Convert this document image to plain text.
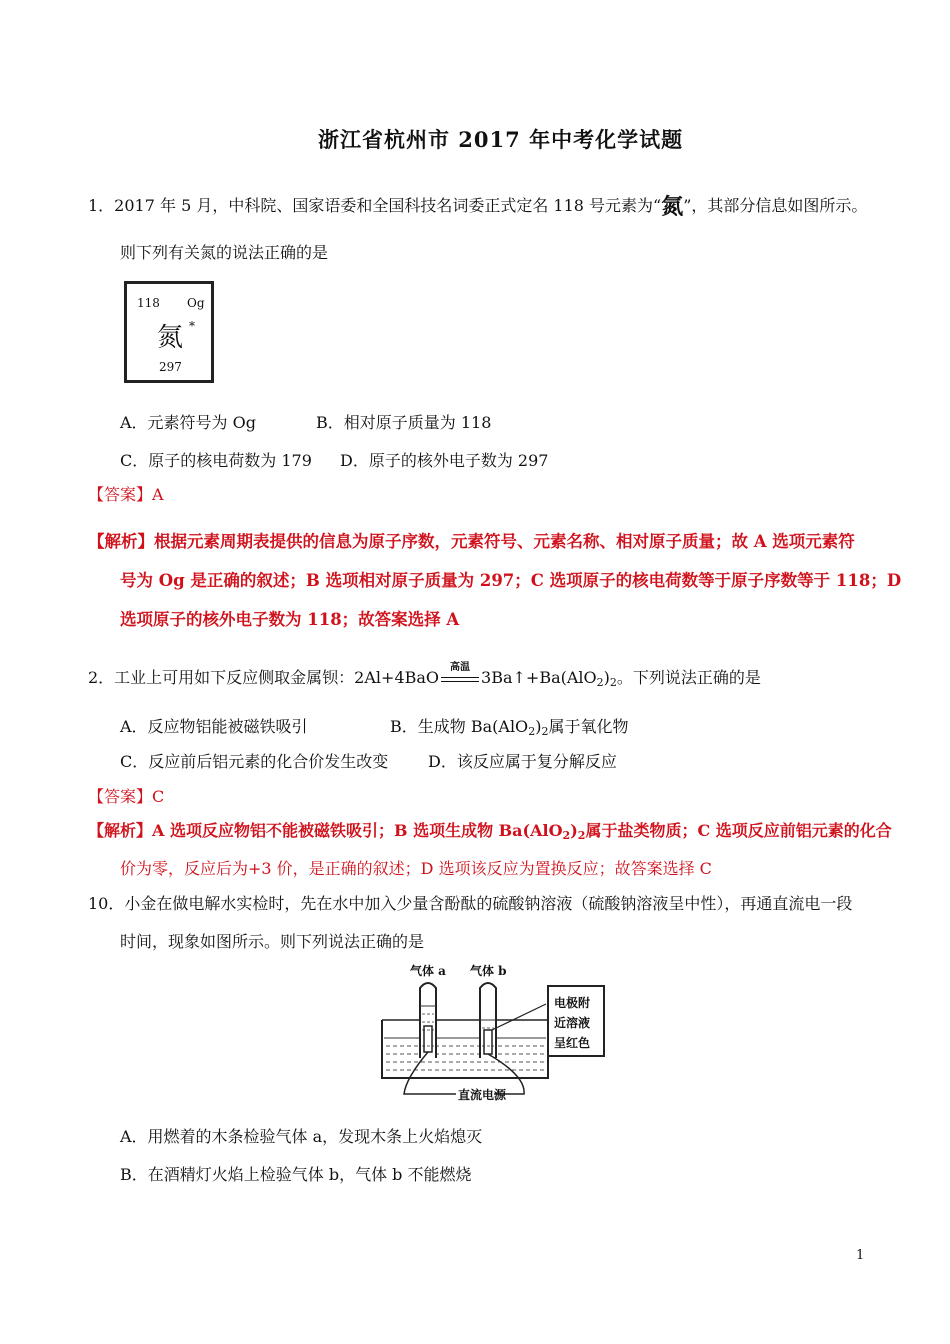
浙江省杭州市 2017 年中考化学试题
1．2017 年 5 月，中科院、国家语委和全国科技名词委正式定名 118 号元素为“氮”，其部分信息如图所示。
则下列有关氮的说法正确的是
118 Og
氮 *
297
A．元素符号为 Og	B．相对原子质量为 118
C．原子的核电荷数为 179 D．原子的核外电子数为 297
【答案】A
【解析】根据元素周期表提供的信息为原子序数，元素符号、元素名称、相对原子质量；故 A 选项元素符
号为 Og 是正确的叙述；B 选项相对原子质量为 297；C 选项原子的核电荷数等于原子序数等于 118；D
选项原子的核外电子数为 118；故答案选择 A
2．工业上可用如下反应侧取金属钡：2Al+4BaO
高温
$3Ba↑+Ba(AlO_2)_2$。下列说法正确的是
A．反应物铝能被磁铁吸引	B．生成物 $Ba(AlO_2)_2$属于氧化物
C．反应前后铝元素的化合价发生改变 D．该反应属于复分解反应
【答案】C
【解析】A 选项反应物铝不能被磁铁吸引；B 选项生成物 $Ba(AlO_2)_2$属于盐类物质；C 选项反应前铝元素的化合
价为零，反应后为+3 价，是正确的叙述；D 选项该反应为置换反应；故答案选择 C
10．小金在做电解水实检时，先在水中加入少量含酚酞的硫酸钠溶液（硫酸钠溶液呈中性），再通直流电一段
时间，现象如图所示。则下列说法正确的是
气体 a 气体 b
电极附
近溶液
呈红色
直流电源
A．用燃着的木条检验气体 a，发现木条上火焰熄灭
B．在酒精灯火焰上检验气体 b，气体 b 不能燃烧
1
